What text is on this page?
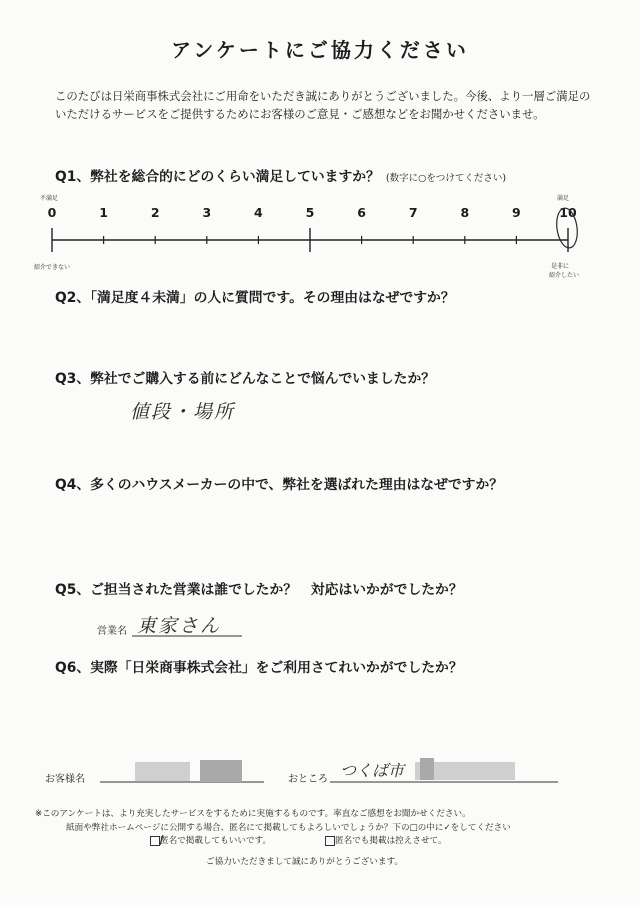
アンケートにご協力ください
このたびは日栄商事株式会社にご用命をいただき誠にありがとうございました。今後、より一層ご満足のいただけるサービスをご提供するためにお客様のご意見・ご感想などをお聞かせくださいませ。
Q1、弊社を総合的にどのくらい満足していますか？ (数字に○をつけてください)
不満足	満足
0	1	2	3	4	5	6	7	8	9	10
紹介できない	是非に
紹介したい
Q2、「満足度４未満」の人に質問です。その理由はなぜですか？
Q3、弊社でご購入する前にどんなことで悩んでいましたか？
値段・場所
Q4、多くのハウスメーカーの中で、弊社を選ばれた理由はなぜですか？
Q5、ご担当された営業は誰でしたか？　対応はいかがでしたか？
営業名 東家さん
Q6、実際「日栄商事株式会社」をご利用さてれいかがでしたか？
お客様名	おところ つくば市
※このアンケートは、より充実したサービスをするために実施するものです。率直なご感想をお聞かせください。
紙面や弊社ホームページに公開する場合、匿名にて掲載してもよろしいでしょうか？下の□の中に✓をしてください
匿名で掲載してもいいです。	匿名でも掲載は控えさせて。
ご協力いただきまして誠にありがとうございます。
